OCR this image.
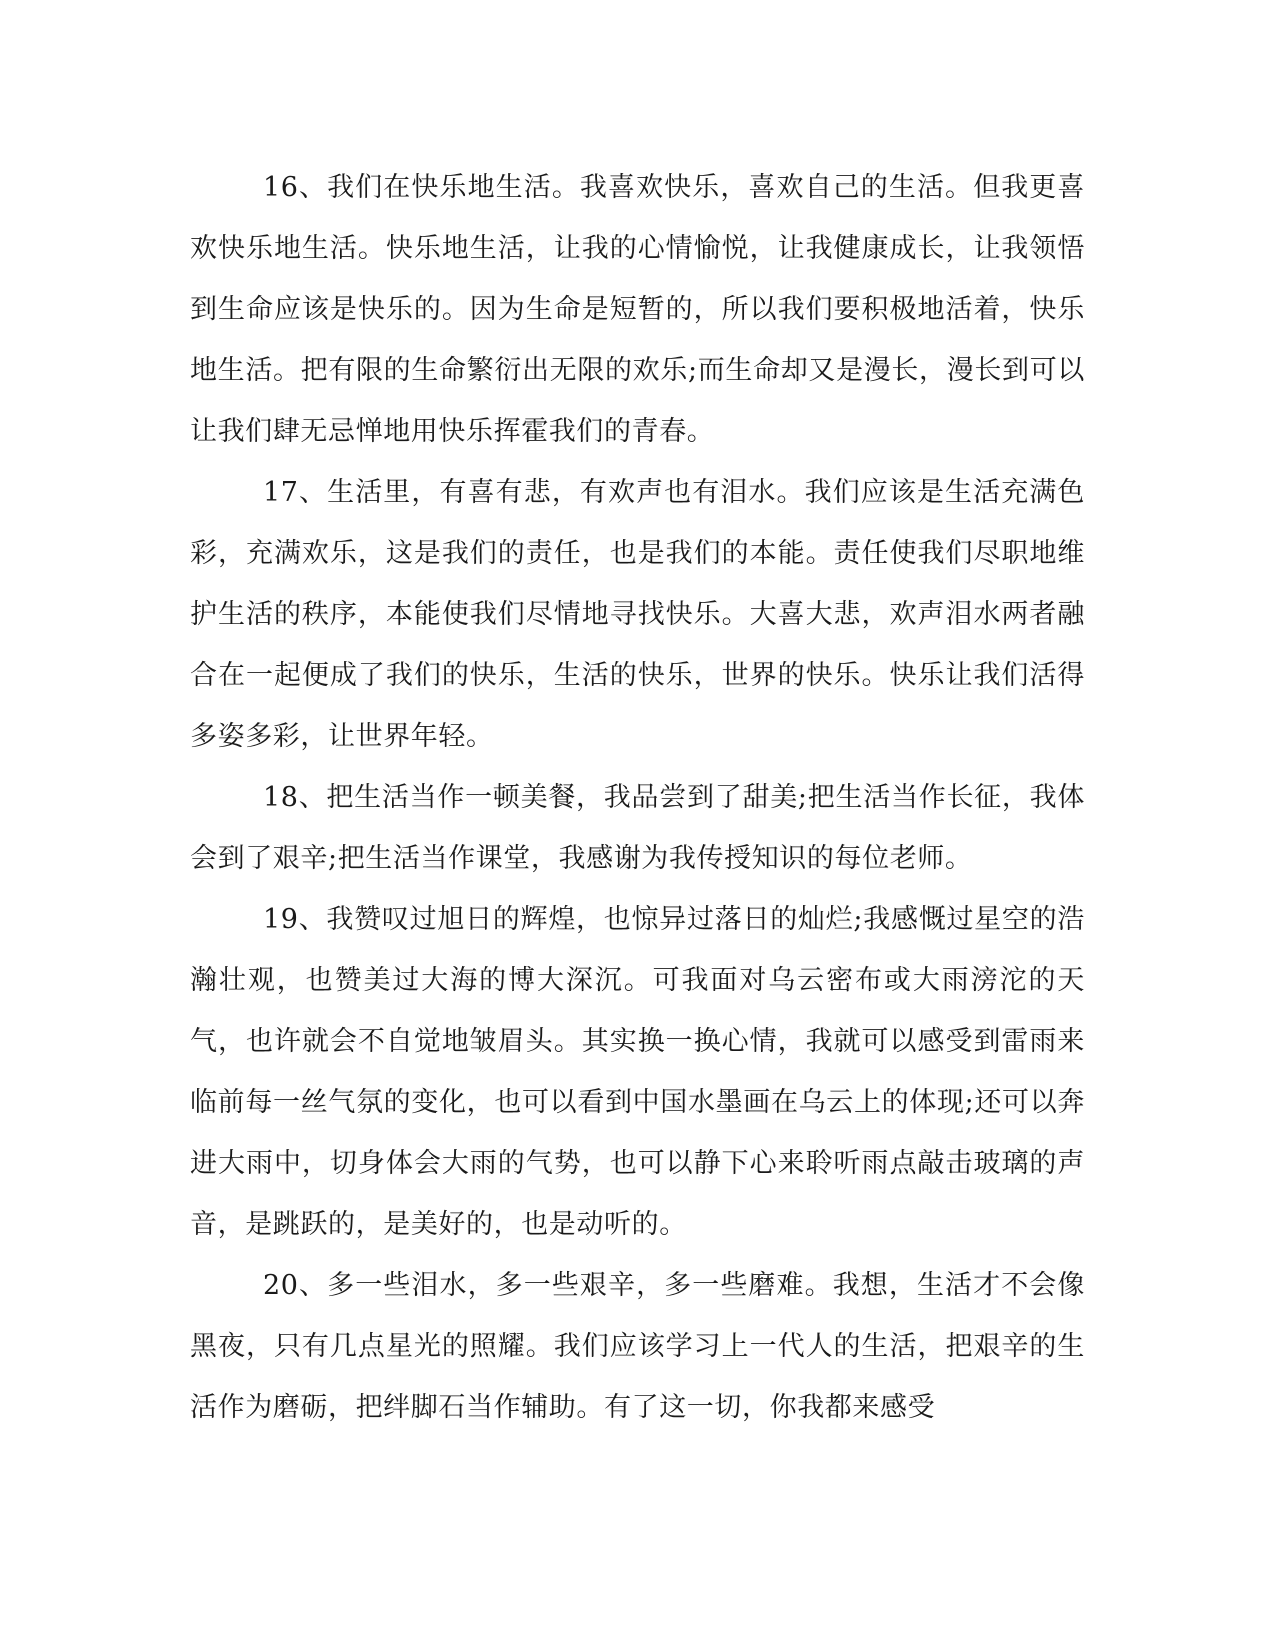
16、我们在快乐地生活。我喜欢快乐，喜欢自己的生活。但我更喜欢快乐地生活。快乐地生活，让我的心情愉悦，让我健康成长，让我领悟到生命应该是快乐的。因为生命是短暂的，所以我们要积极地活着，快乐地生活。把有限的生命繁衍出无限的欢乐;而生命却又是漫长，漫长到可以让我们肆无忌惮地用快乐挥霍我们的青春。

17、生活里，有喜有悲，有欢声也有泪水。我们应该是生活充满色彩，充满欢乐，这是我们的责任，也是我们的本能。责任使我们尽职地维护生活的秩序，本能使我们尽情地寻找快乐。大喜大悲，欢声泪水两者融合在一起便成了我们的快乐，生活的快乐，世界的快乐。快乐让我们活得多姿多彩，让世界年轻。

18、把生活当作一顿美餐，我品尝到了甜美;把生活当作长征，我体会到了艰辛;把生活当作课堂，我感谢为我传授知识的每位老师。

19、我赞叹过旭日的辉煌，也惊异过落日的灿烂;我感慨过星空的浩瀚壮观，也赞美过大海的博大深沉。可我面对乌云密布或大雨滂沱的天气，也许就会不自觉地皱眉头。其实换一换心情，我就可以感受到雷雨来临前每一丝气氛的变化，也可以看到中国水墨画在乌云上的体现;还可以奔进大雨中，切身体会大雨的气势，也可以静下心来聆听雨点敲击玻璃的声音，是跳跃的，是美好的，也是动听的。

20、多一些泪水，多一些艰辛，多一些磨难。我想，生活才不会像黑夜，只有几点星光的照耀。我们应该学习上一代人的生活，把艰辛的生活作为磨砺，把绊脚石当作辅助。有了这一切，你我都来感受
